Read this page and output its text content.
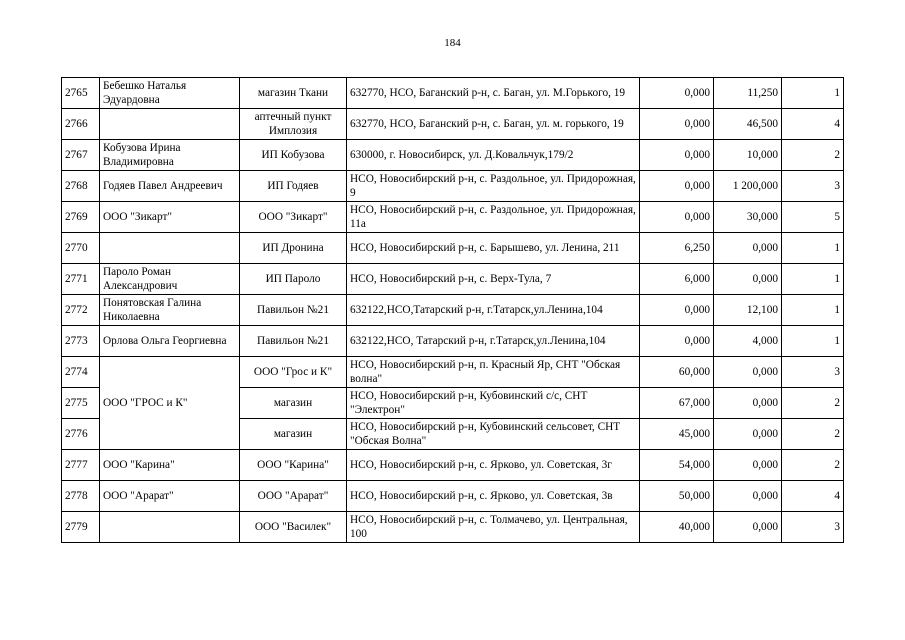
184
2765	Бебешко Наталья Эдуардовна	магазин Ткани	632770, НСО, Баганский р-н, с. Баган, ул. М.Горького, 19	0,000	11,250	1
2766		аптечный пункт Имплозия	632770, НСО, Баганский р-н, с. Баган, ул. м. горького, 19	0,000	46,500	4
2767	Кобузова Ирина Владимировна	ИП Кобузова	630000, г. Новосибирск, ул. Д.Ковальчук,179/2	0,000	10,000	2
2768	Годяев Павел Андреевич	ИП Годяев	НСО, Новосибирский р-н, с. Раздольное, ул. Придорожная, 9	0,000	1 200,000	3
2769	ООО "Зикарт"	ООО "Зикарт"	НСО, Новосибирский р-н, с. Раздольное, ул. Придорожная, 11а	0,000	30,000	5
2770		ИП Дронина	НСО, Новосибирский р-н, с. Барышево, ул. Ленина, 211	6,250	0,000	1
2771	Пароло Роман Александрович	ИП Пароло	НСО, Новосибирский р-н, с. Верх-Тула, 7	6,000	0,000	1
2772	Понятовская Галина Николаевна	Павильон №21	632122,НСО,Татарский р-н, г.Татарск,ул.Ленина,104	0,000	12,100	1
2773	Орлова Ольга Георгиевна	Павильон №21	632122,НСО, Татарский р-н, г.Татарск,ул.Ленина,104	0,000	4,000	1
2774	ООО "ГРОС и К"	ООО "Грос и К"	НСО, Новосибирский р-н, п. Красный Яр, СНТ "Обская волна"	60,000	0,000	3
2775		магазин	НСО, Новосибирский р-н, Кубовинский с/с, СНТ "Электрон"	67,000	0,000	2
2776		магазин	НСО, Новосибирский р-н, Кубовинский сельсовет, СНТ "Обская Волна"	45,000	0,000	2
2777	ООО "Карина"	ООО "Карина"	НСО, Новосибирский р-н, с. Ярково, ул. Советская, 3г	54,000	0,000	2
2778	ООО "Арарат"	ООО "Арарат"	НСО, Новосибирский р-н, с. Ярково, ул. Советская, 3в	50,000	0,000	4
2779		ООО "Василек"	НСО, Новосибирский р-н, с. Толмачево, ул. Центральная, 100	40,000	0,000	3
